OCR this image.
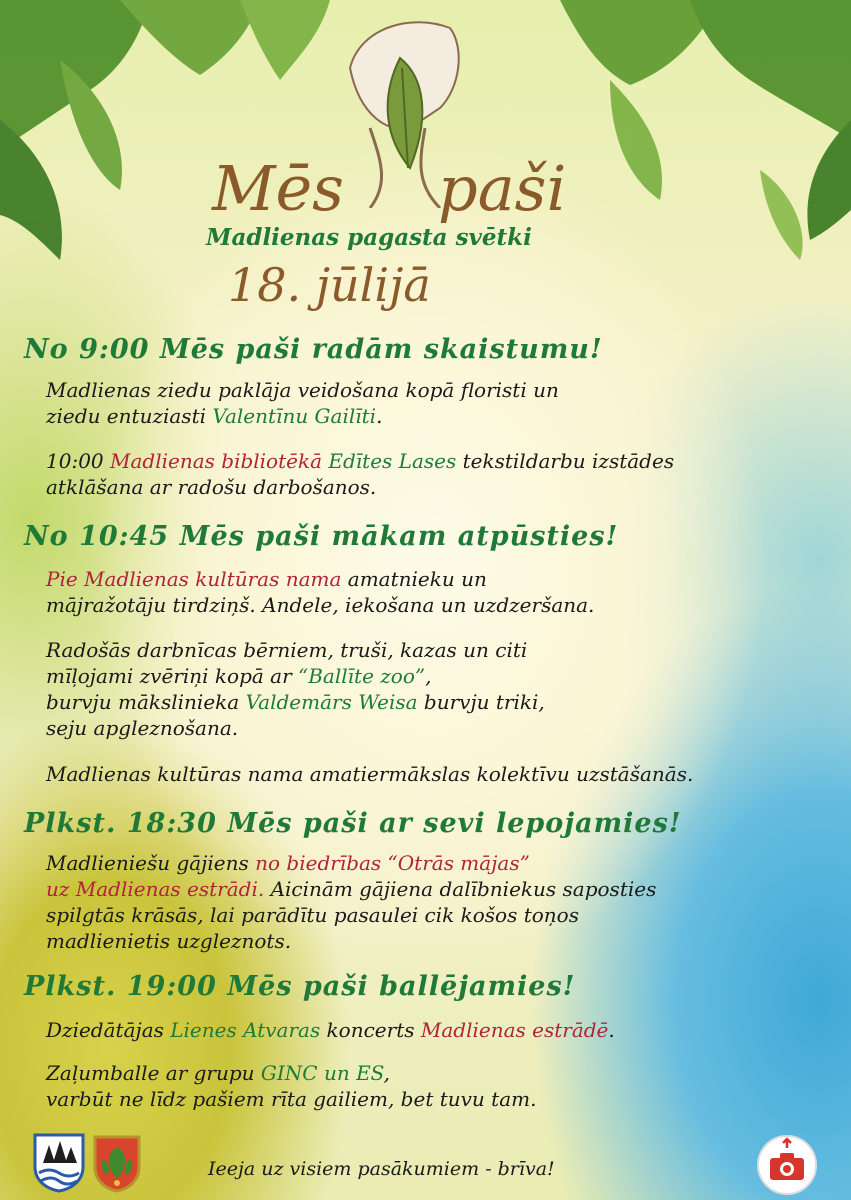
Mēs paši
Madlienas pagasta svētki
18. jūlijā
No 9:00 Mēs paši radām skaistumu!
Madlienas ziedu paklāja veidošana kopā floristi un
ziedu entuziasti Valentīnu Gailīti.
10:00 Madlienas bibliotēkā Edītes Lases tekstildarbu izstādes
atklāšana ar radošu darbošanos.
No 10:45 Mēs paši mākam atpūsties!
Pie Madlienas kultūras nama amatnieku un
mājražotāju tirdziņš. Andele, iekošana un uzdzeršana.
Radošās darbnīcas bērniem, truši, kazas un citi
mīļojami zvēriņi kopā ar “Ballīte zoo”,
burvju mākslinieka Valdemārs Weisa burvju triki,
seju apgleznošana.
Madlienas kultūras nama amatiermākslas kolektīvu uzstāšanās.
Plkst. 18:30 Mēs paši ar sevi lepojamies!
Madlieniešu gājiens no biedrības “Otrās mājas”
uz Madlienas estrādi. Aicinām gājiena dalībniekus saposties
spilgtās krāsās, lai parādītu pasaulei cik košos toņos
madlienietis uzgleznots.
Plkst. 19:00 Mēs paši ballējamies!
Dziedātājas Lienes Atvaras koncerts Madlienas estrādē.
Zaļumballe ar grupu GINC un ES,
varbūt ne līdz pašiem rīta gailiem, bet tuvu tam.
Ieeja uz visiem pasākumiem - brīva!
